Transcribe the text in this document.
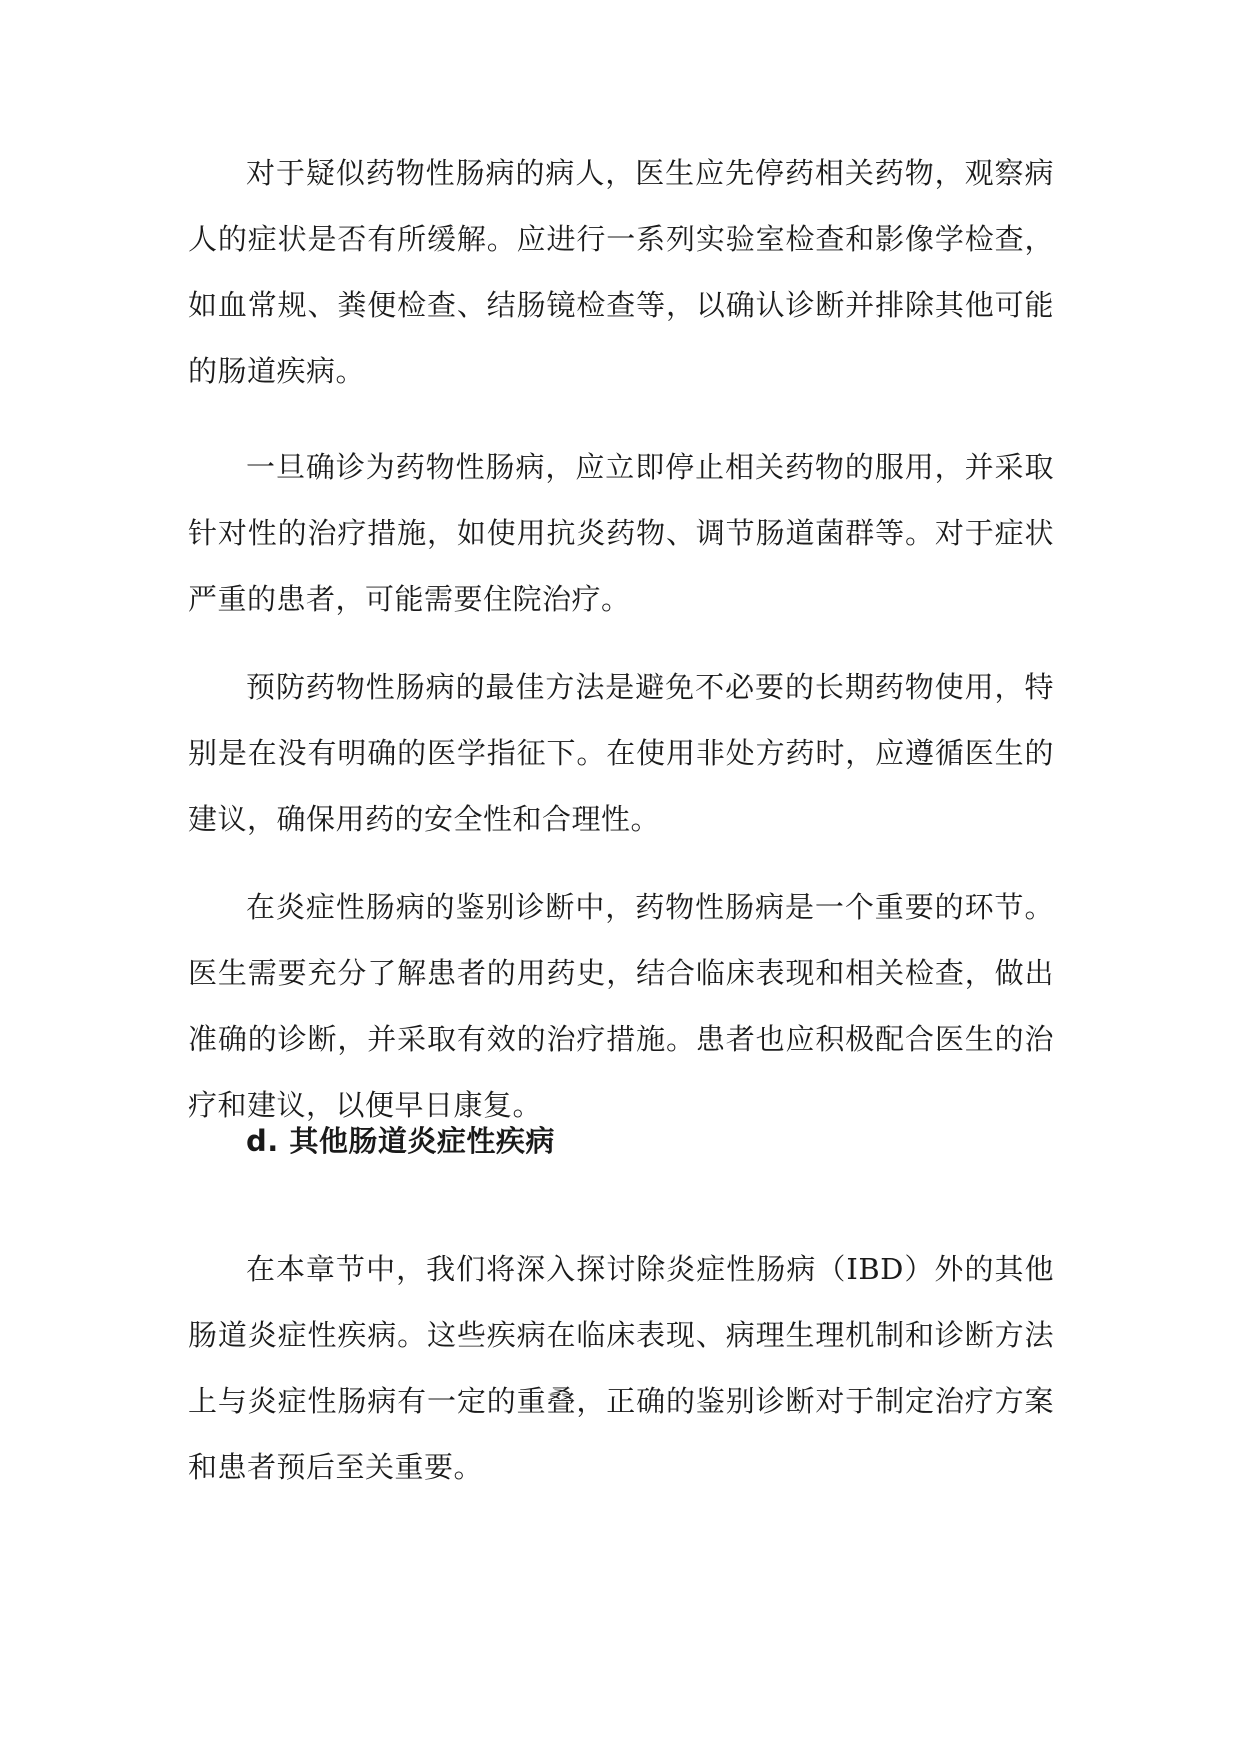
对于疑似药物性肠病的病人，医生应先停药相关药物，观察病人的症状是否有所缓解。应进行一系列实验室检查和影像学检查，如血常规、粪便检查、结肠镜检查等，以确认诊断并排除其他可能的肠道疾病。

一旦确诊为药物性肠病，应立即停止相关药物的服用，并采取针对性的治疗措施，如使用抗炎药物、调节肠道菌群等。对于症状严重的患者，可能需要住院治疗。

预防药物性肠病的最佳方法是避免不必要的长期药物使用，特别是在没有明确的医学指征下。在使用非处方药时，应遵循医生的建议，确保用药的安全性和合理性。

在炎症性肠病的鉴别诊断中，药物性肠病是一个重要的环节。医生需要充分了解患者的用药史，结合临床表现和相关检查，做出准确的诊断，并采取有效的治疗措施。患者也应积极配合医生的治疗和建议，以便早日康复。

d. 其他肠道炎症性疾病

在本章节中，我们将深入探讨除炎症性肠病（IBD）外的其他肠道炎症性疾病。这些疾病在临床表现、病理生理机制和诊断方法上与炎症性肠病有一定的重叠，正确的鉴别诊断对于制定治疗方案和患者预后至关重要。
